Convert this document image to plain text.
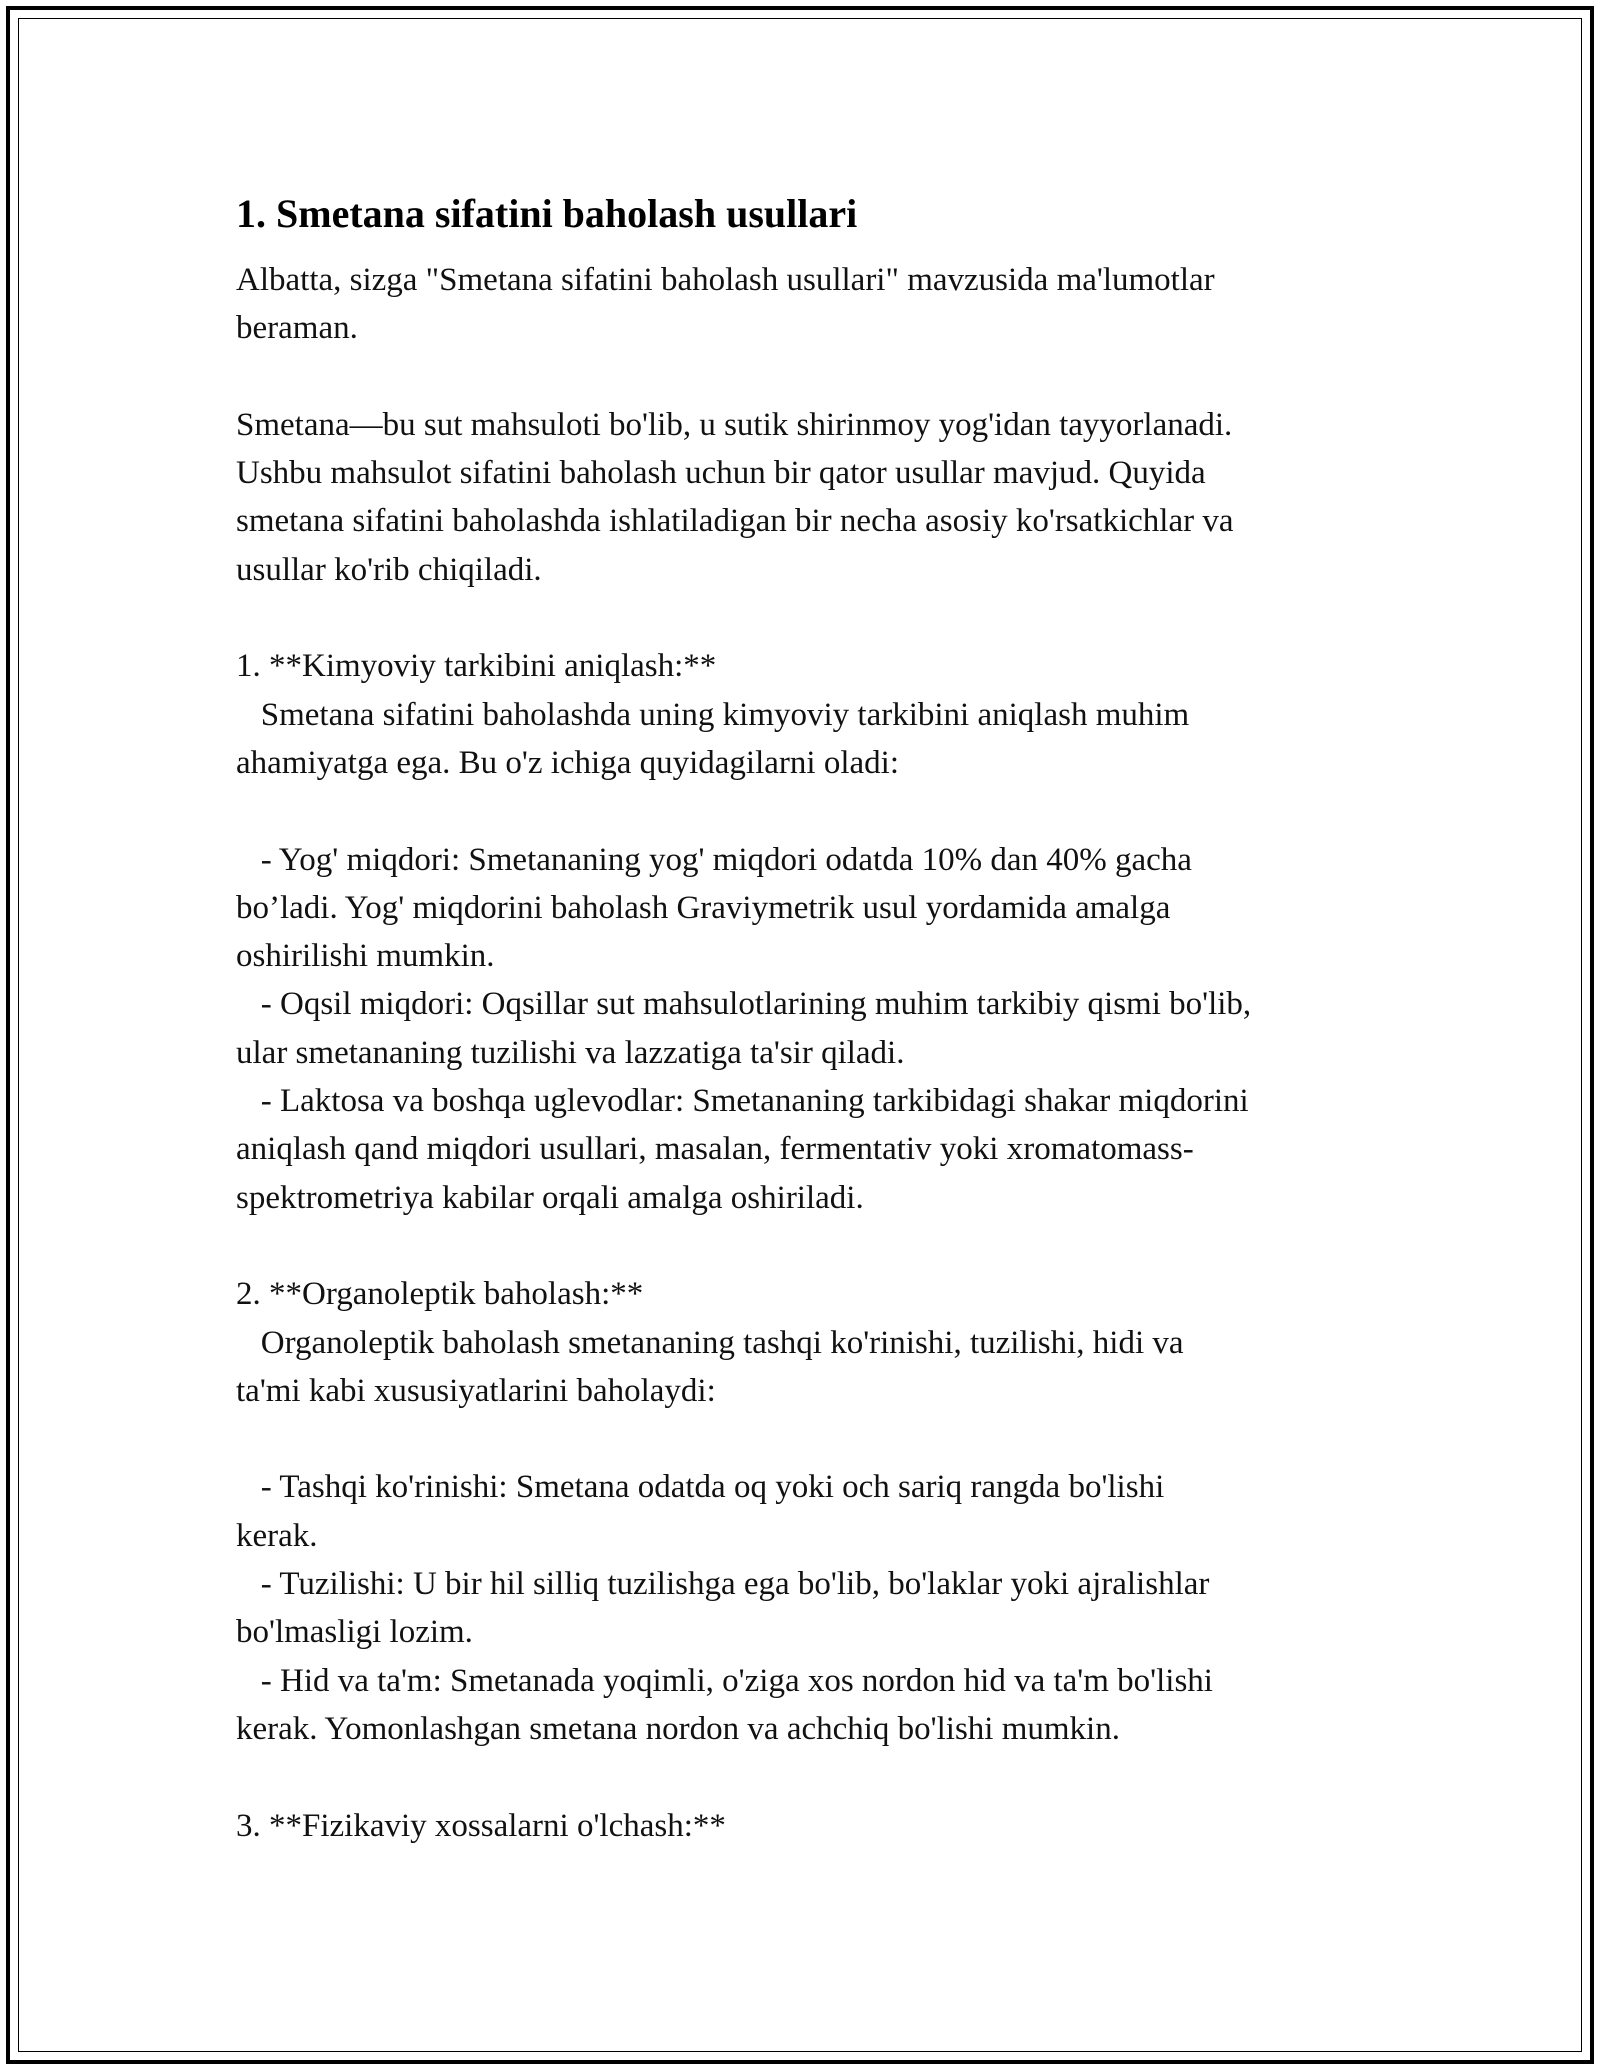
1. Smetana sifatini baholash usullari

Albatta, sizga "Smetana sifatini baholash usullari" mavzusida ma'lumotlar
beraman.

Smetana—bu sut mahsuloti bo'lib, u sutik shirinmoy yog'idan tayyorlanadi.
Ushbu mahsulot sifatini baholash uchun bir qator usullar mavjud. Quyida
smetana sifatini baholashda ishlatiladigan bir necha asosiy ko'rsatkichlar va
usullar ko'rib chiqiladi.

1. **Kimyoviy tarkibini aniqlash:**
Smetana sifatini baholashda uning kimyoviy tarkibini aniqlash muhim
ahamiyatga ega. Bu o'z ichiga quyidagilarni oladi:

- Yog' miqdori: Smetananing yog' miqdori odatda 10% dan 40% gacha
bo’ladi. Yog' miqdorini baholash Graviymetrik usul yordamida amalga
oshirilishi mumkin.
- Oqsil miqdori: Oqsillar sut mahsulotlarining muhim tarkibiy qismi bo'lib,
ular smetananing tuzilishi va lazzatiga ta'sir qiladi.
- Laktosa va boshqa uglevodlar: Smetananing tarkibidagi shakar miqdorini
aniqlash qand miqdori usullari, masalan, fermentativ yoki xromatomass-
spektrometriya kabilar orqali amalga oshiriladi.

2. **Organoleptik baholash:**
Organoleptik baholash smetananing tashqi ko'rinishi, tuzilishi, hidi va
ta'mi kabi xususiyatlarini baholaydi:

- Tashqi ko'rinishi: Smetana odatda oq yoki och sariq rangda bo'lishi
kerak.
- Tuzilishi: U bir hil silliq tuzilishga ega bo'lib, bo'laklar yoki ajralishlar
bo'lmasligi lozim.
- Hid va ta'm: Smetanada yoqimli, o'ziga xos nordon hid va ta'm bo'lishi
kerak. Yomonlashgan smetana nordon va achchiq bo'lishi mumkin.

3. **Fizikaviy xossalarni o'lchash:**
